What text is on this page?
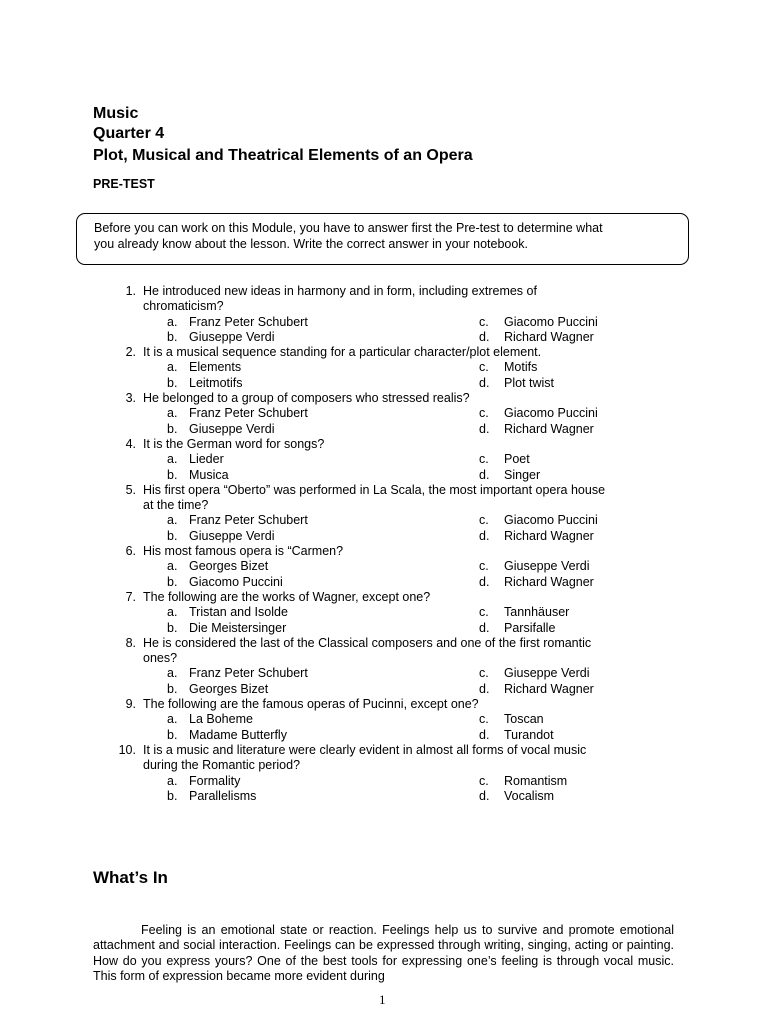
Music
Quarter 4
Plot, Musical and Theatrical Elements of an Opera
PRE-TEST
Before you can work on this Module, you have to answer first the Pre-test to determine what
you already know about the lesson. Write the correct answer in your notebook.
1. He introduced new ideas in harmony and in form, including extremes of
chromaticism?
a. Franz Peter Schubert	c. Giacomo Puccini
b. Giuseppe Verdi	d. Richard Wagner
2. It is a musical sequence standing for a particular character/plot element.
a. Elements	c. Motifs
b. Leitmotifs	d. Plot twist
3. He belonged to a group of composers who stressed realis?
a. Franz Peter Schubert	c. Giacomo Puccini
b. Giuseppe Verdi	d. Richard Wagner
4. It is the German word for songs?
a. Lieder	c. Poet
b. Musica	d. Singer
5. His first opera “Oberto” was performed in La Scala, the most important opera house
at the time?
a. Franz Peter Schubert	c. Giacomo Puccini
b. Giuseppe Verdi	d. Richard Wagner
6. His most famous opera is “Carmen?
a. Georges Bizet	c. Giuseppe Verdi
b. Giacomo Puccini	d. Richard Wagner
7. The following are the works of Wagner, except one?
a. Tristan and Isolde	c. Tannhäuser
b. Die Meistersinger	d. Parsifalle
8. He is considered the last of the Classical composers and one of the first romantic
ones?
a. Franz Peter Schubert	c. Giuseppe Verdi
b. Georges Bizet	d. Richard Wagner
9. The following are the famous operas of Pucinni, except one?
a. La Boheme	c. Toscan
b. Madame Butterfly	d. Turandot
10. It is a music and literature were clearly evident in almost all forms of vocal music
during the Romantic period?
a. Formality	c. Romantism
b. Parallelisms	d. Vocalism
What’s In

Feeling is an emotional state or reaction. Feelings help us to survive and promote emotional attachment and social interaction. Feelings can be expressed through writing, singing, acting or painting. How do you express yours? One of the best tools for expressing one’s feeling is through vocal music. This form of expression became more evident during

1
